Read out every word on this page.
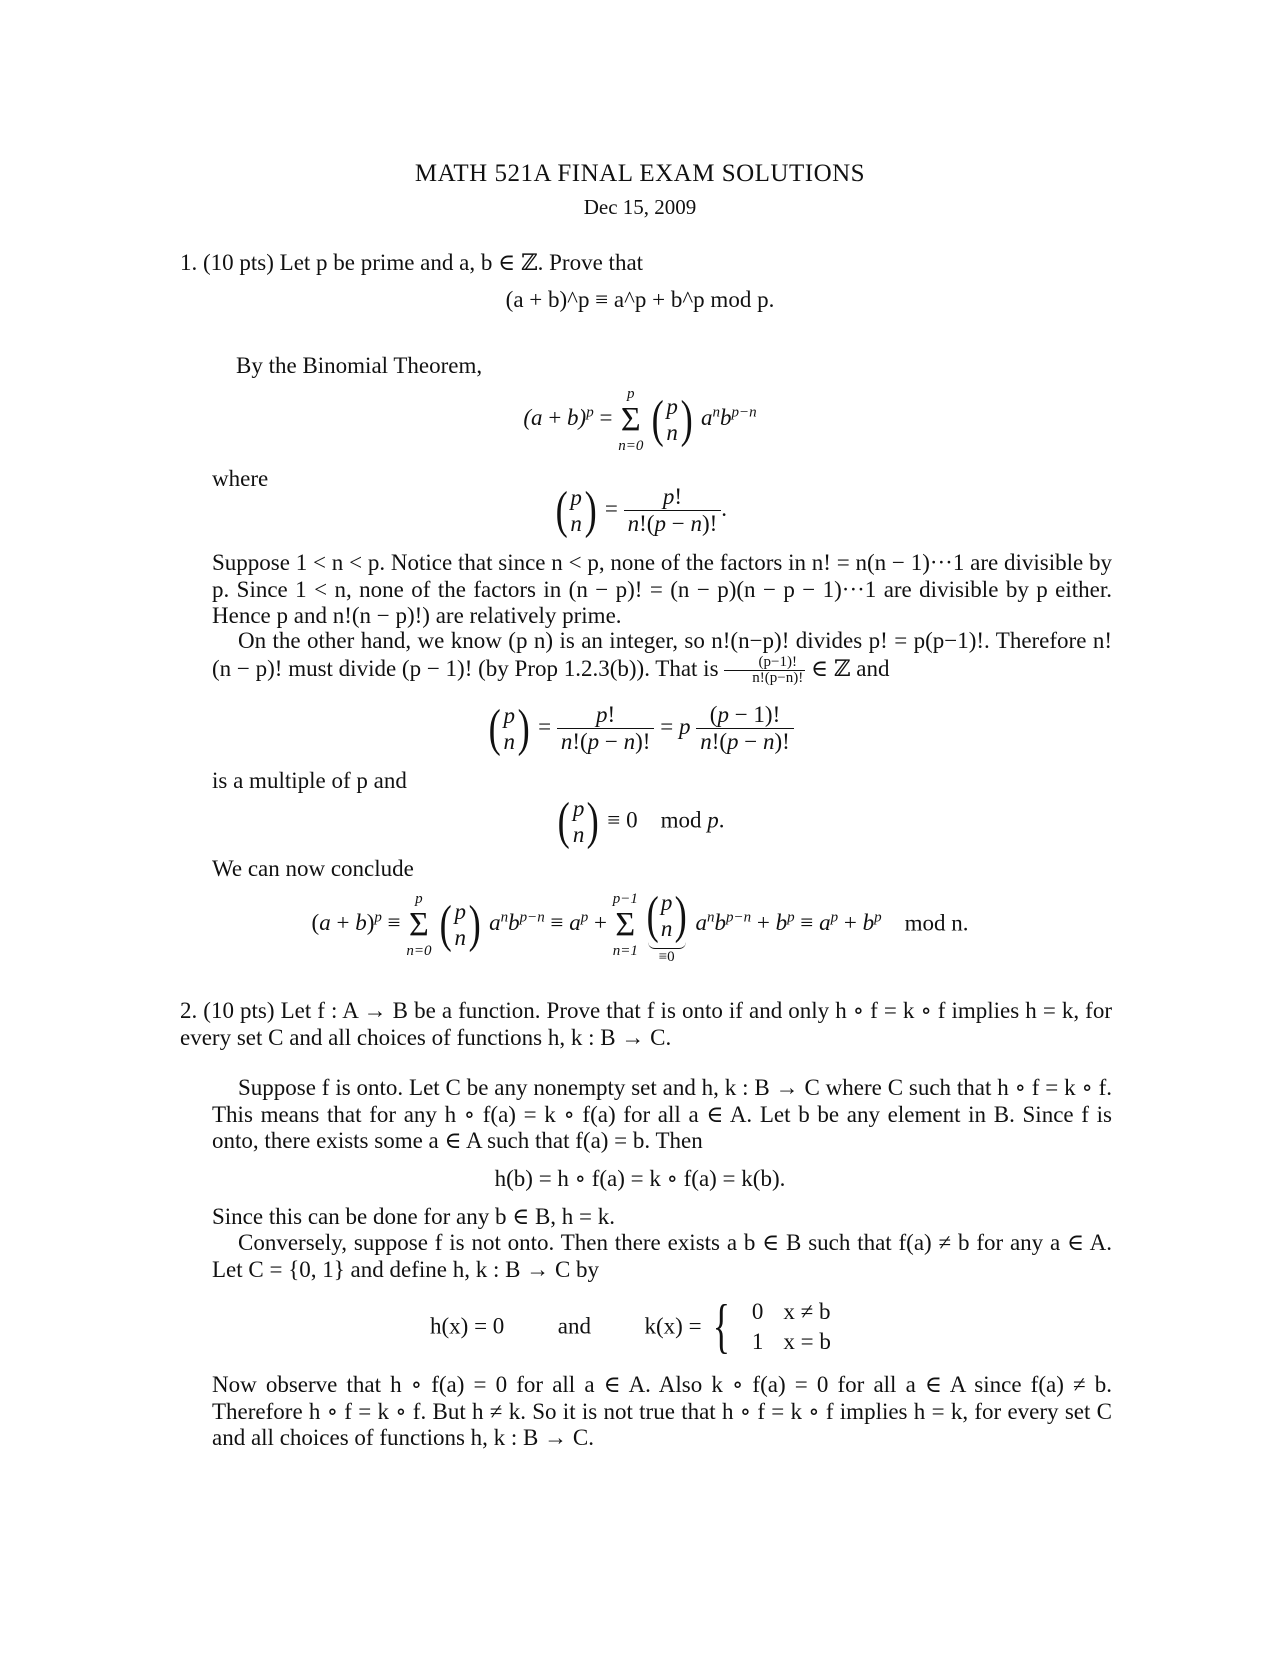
MATH 521A FINAL EXAM SOLUTIONS
Dec 15, 2009
1. (10 pts) Let p be prime and a, b ∈ ℤ. Prove that
(a + b)^p ≡ a^p + b^p mod p.
By the Binomial Theorem,
$(a + b)^p$ =
p
Σ
n=0 ( p
n) $a^nb^{p-n}$
where
( p
$n) = \frac{p!}{n!(p - n)!}$ .
Suppose 1 < n < p. Notice that since n < p, none of the factors in n! = n(n − 1)···1 are divisible by p. Since 1 < n, none of the factors in (n − p)! = (n − p)(n − p − 1)···1 are divisible by p either. Hence p and n!(n − p)!) are relatively prime.
On the other hand, we know (p n) is an integer, so n!(n−p)! divides p! = p(p−1)!. Therefore n!(n − p)! must divide (p − 1)! (by Prop 1.2.3(b)). That is $\frac{(p-1)!}{n!(p-n)!}$ ∈ ℤ and
( p
$n) = \frac{p!}{n!(p - n)!} = p \frac{(p - 1)!}{n!(p - n)!}$
is a multiple of p and
( p
n) ≡ 0    mod p.
We can now conclude
$(a + b)^p$ ≡
p
Σ
n=0 ( p
n) $a^nb^{p-n} \equiv a^p$ +
p−1
Σ
n=1
( p
n)
≡0
$a^nb^{p-n} + b^p \equiv a^p + b^p$ mod n.
2. (10 pts) Let f : A → B be a function. Prove that f is onto if and only h ∘ f = k ∘ f implies h = k, for every set C and all choices of functions h, k : B → C.
Suppose f is onto. Let C be any nonempty set and h, k : B → C where C such that h ∘ f = k ∘ f. This means that for any h ∘ f(a) = k ∘ f(a) for all a ∈ A. Let b be any element in B. Since f is onto, there exists some a ∈ A such that f(a) = b. Then
h(b) = h ∘ f(a) = k ∘ f(a) = k(b).
Since this can be done for any b ∈ B, h = k.
Conversely, suppose f is not onto. Then there exists a b ∈ B such that f(a) ≠ b for any a ∈ A. Let C = {0, 1} and define h, k : B → C by
h(x) = 0 and k(x) = { 0	x ≠ b
1	x = b
Now observe that h ∘ f(a) = 0 for all a ∈ A. Also k ∘ f(a) = 0 for all a ∈ A since f(a) ≠ b. Therefore h ∘ f = k ∘ f. But h ≠ k. So it is not true that h ∘ f = k ∘ f implies h = k, for every set C and all choices of functions h, k : B → C.
